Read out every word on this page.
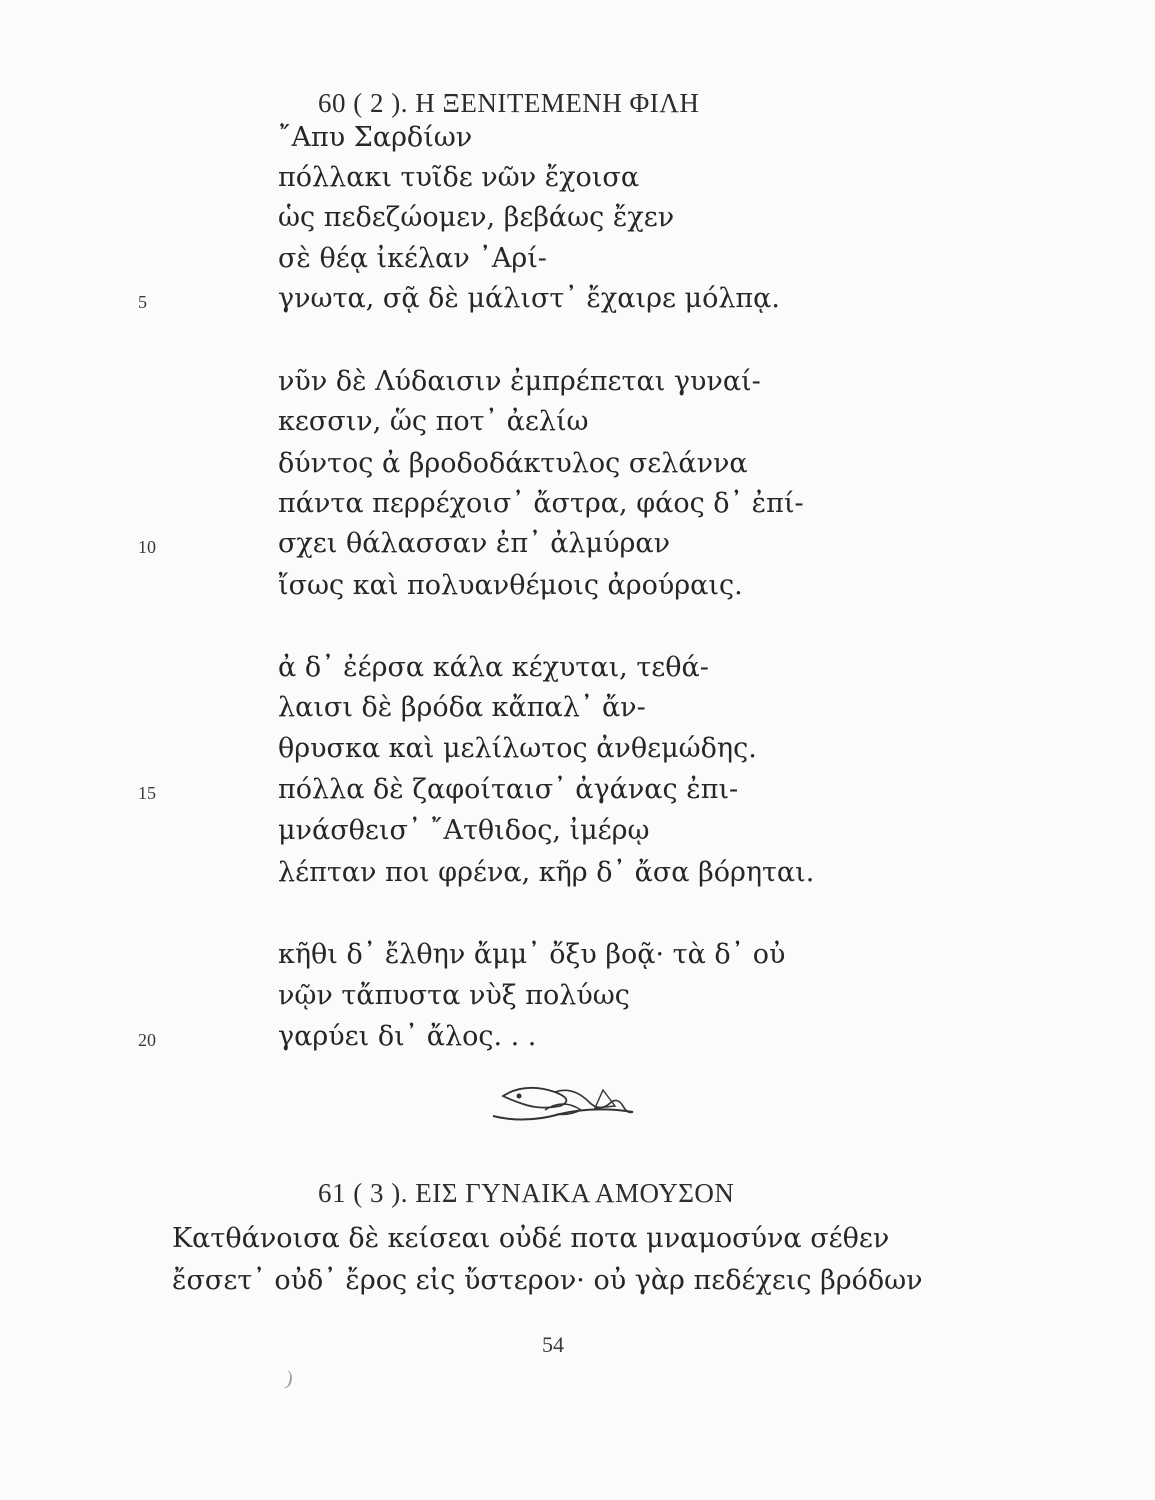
60 ( 2 ). Η ΞΕΝΙΤΕΜΕΝΗ ΦΙΛΗ
῎Απυ Σαρδίων
πόλλακι τυῖδε νῶν ἔχοισα
ὡς πεδεζώομεν, βεβάως ἔχεν
σὲ θέᾳ ἰκέλαν ᾿Αρί-
γνωτα, σᾷ δὲ μάλιστ᾿ ἔχαιρε μόλπᾳ.
5
νῦν δὲ Λύδαισιν ἐμπρέπεται γυναί-
κεσσιν, ὥς ποτ᾿ ἀελίω
δύντος ἀ βροδοδάκτυλος σελάννα
πάντα περρέχοισ᾿ ἄστρα, φάος δ᾿ ἐπί-
σχει θάλασσαν ἐπ᾿ ἀλμύραν
10
ἴσως καὶ πολυανθέμοις ἀρούραις.
ἀ δ᾿ ἐέρσα κάλα κέχυται, τεθά-
λαισι δὲ βρόδα κἄπαλ᾿ ἄν-
θρυσκα καὶ μελίλωτος ἀνθεμώδης.
πόλλα δὲ ζαφοίταισ᾿ ἀγάνας ἐπι-
15
μνάσθεισ᾿ ῎Ατθιδος, ἰμέρῳ
λέπταν ποι φρένα, κῆρ δ᾿ ἄσα βόρηται.
κῆθι δ᾿ ἔλθην ἄμμ᾿ ὄξυ βοᾷ· τὰ δ᾿ οὐ
νῷν τἄπυστα νὺξ πολύως
γαρύει δι᾿ ἄλος. . .
20
61 ( 3 ). ΕΙΣ ΓΥΝΑΙΚΑ ΑΜΟΥΣΟΝ
Κατθάνοισα δὲ κείσεαι οὐδέ ποτα μναμοσύνα σέθεν
ἔσσετ᾿ οὐδ᾿ ἔρος εἰς ὔστερον· οὐ γὰρ πεδέχεις βρόδων
54
)
